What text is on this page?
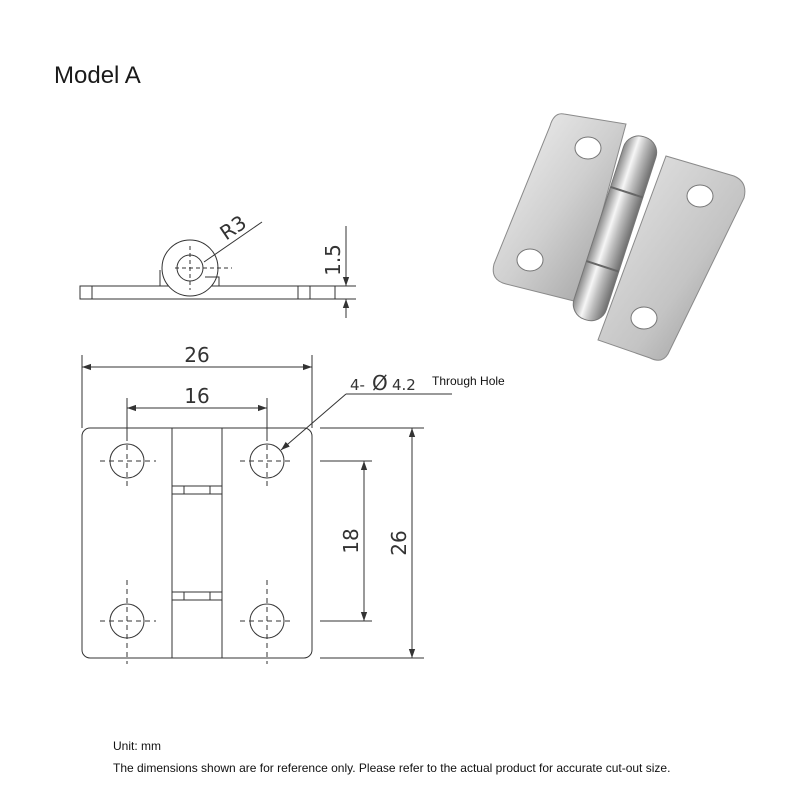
Model A
R3
1.5
26
16
18 26
4- Ø 4.2 Through Hole
Unit: mm
The dimensions shown are for reference only. Please refer to the actual product for accurate cut-out size.
